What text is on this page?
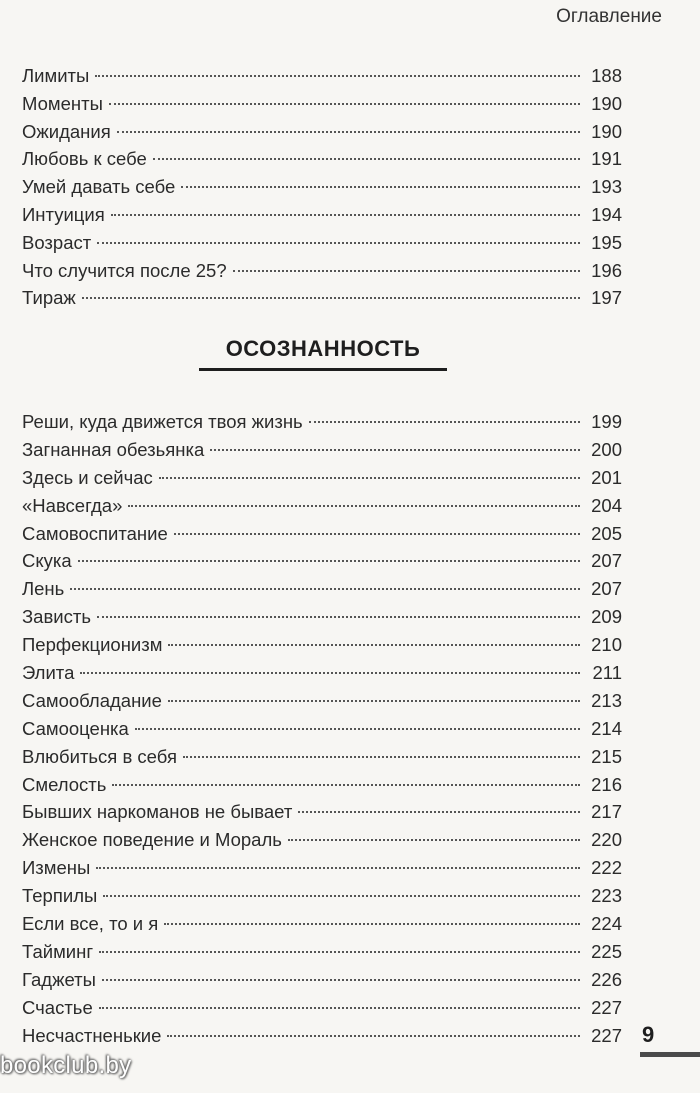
Оглавление
Лимиты	188
Моменты	190
Ожидания	190
Любовь к себе	191
Умей давать себе	193
Интуиция	194
Возраст	195
Что случится после 25?	196
Тираж	197
ОСОЗНАННОСТЬ
Реши, куда движется твоя жизнь	199
Загнанная обезьянка	200
Здесь и сейчас	201
«Навсегда»	204
Самовоспитание	205
Скука	207
Лень	207
Зависть	209
Перфекционизм	210
Элита	211
Самообладание	213
Самооценка	214
Влюбиться в себя	215
Смелость	216
Бывших наркоманов не бывает	217
Женское поведение и Мораль	220
Измены	222
Терпилы	223
Если все, то и я	224
Тайминг	225
Гаджеты	226
Счастье	227
Несчастненькие	227 9
bookclub.by
